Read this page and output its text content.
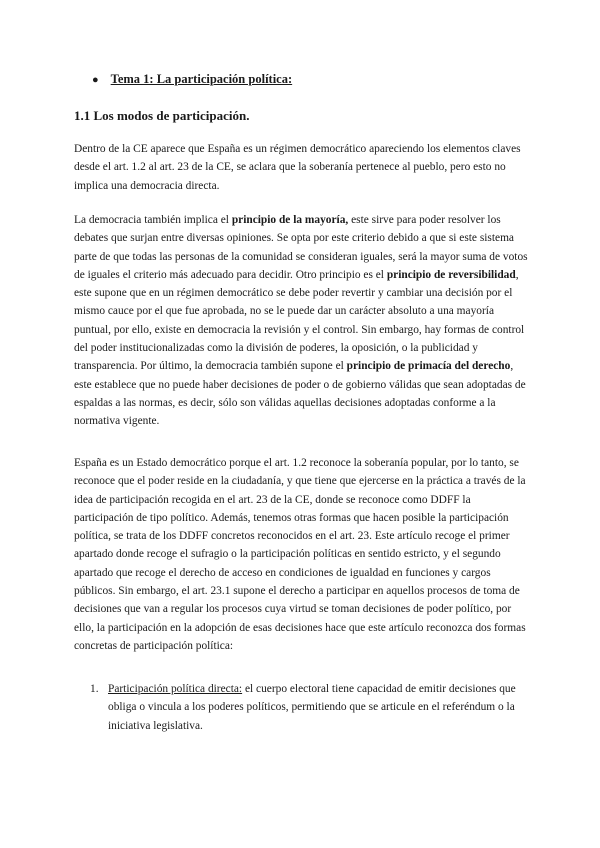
● Tema 1: La participación política:
1.1 Los modos de participación.

Dentro de la CE aparece que España es un régimen democrático apareciendo los elementos claves desde el art. 1.2 al art. 23 de la CE, se aclara que la soberanía pertenece al pueblo, pero esto no implica una democracia directa.

La democracia también implica el principio de la mayoría, este sirve para poder resolver los debates que surjan entre diversas opiniones. Se opta por este criterio debido a que si este sistema parte de que todas las personas de la comunidad se consideran iguales, será la mayor suma de votos de iguales el criterio más adecuado para decidir. Otro principio es el principio de reversibilidad, este supone que en un régimen democrático se debe poder revertir y cambiar una decisión por el mismo cauce por el que fue aprobada, no se le puede dar un carácter absoluto a una mayoría puntual, por ello, existe en democracia la revisión y el control. Sin embargo, hay formas de control del poder institucionalizadas como la división de poderes, la oposición, o la publicidad y transparencia. Por último, la democracia también supone el principio de primacía del derecho, este establece que no puede haber decisiones de poder o de gobierno válidas que sean adoptadas de espaldas a las normas, es decir, sólo son válidas aquellas decisiones adoptadas conforme a la normativa vigente.

España es un Estado democrático porque el art. 1.2 reconoce la soberanía popular, por lo tanto, se reconoce que el poder reside en la ciudadanía, y que tiene que ejercerse en la práctica a través de la idea de participación recogida en el art. 23 de la CE, donde se reconoce como DDFF la participación de tipo político. Además, tenemos otras formas que hacen posible la participación política, se trata de los DDFF concretos reconocidos en el art. 23. Este artículo recoge el primer apartado donde recoge el sufragio o la participación políticas en sentido estricto, y el segundo apartado que recoge el derecho de acceso en condiciones de igualdad en funciones y cargos públicos. Sin embargo, el art. 23.1 supone el derecho a participar en aquellos procesos de toma de decisiones que van a regular los procesos cuya virtud se toman decisiones de poder político, por ello, la participación en la adopción de esas decisiones hace que este artículo reconozca dos formas concretas de participación política:

1. Participación política directa: el cuerpo electoral tiene capacidad de emitir decisiones que obliga o vincula a los poderes políticos, permitiendo que se articule en el referéndum o la iniciativa legislativa.
